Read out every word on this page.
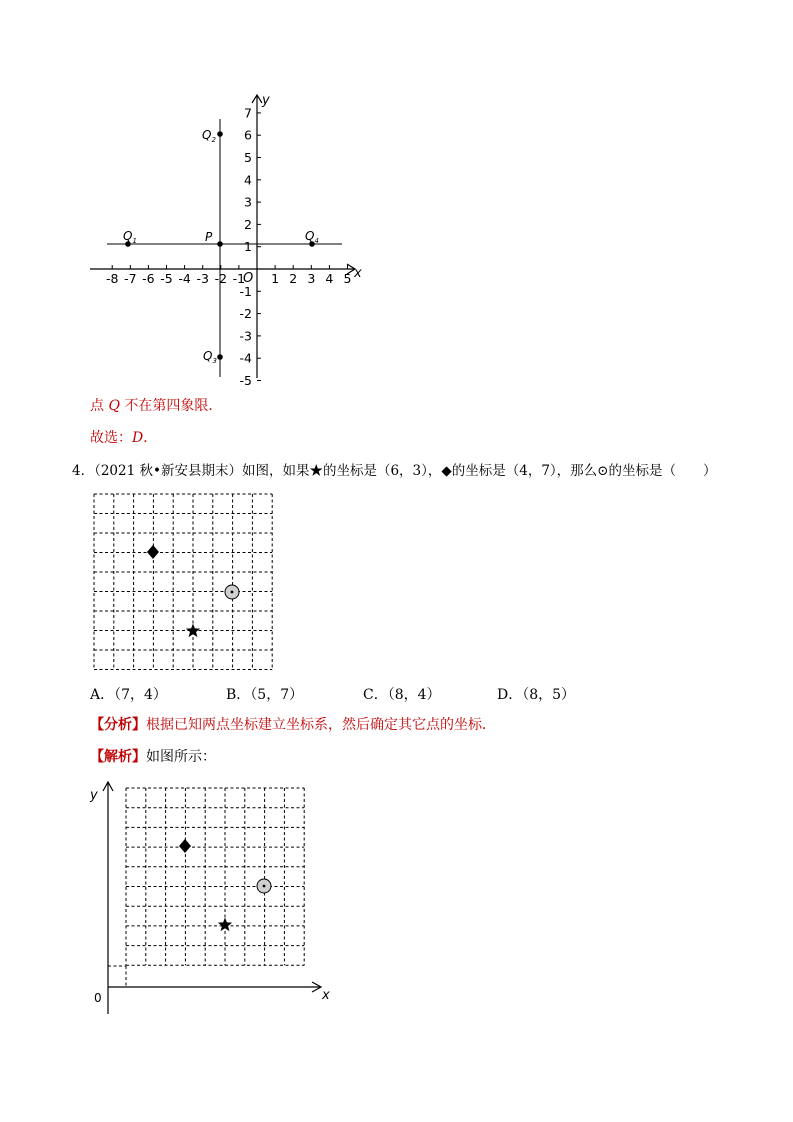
x
y
O
-8 -7 -6 -5 -4 -3 -2 -1 1 2 3 4 5
7
6
5
4
3
2
1
-1
-2
-3
-4
-5
$Q_2$
P
$Q_1$	$Q_4$
$Q_3$
点 Q 不在第四象限．
故选：D．
4．（2021 秋•新安县期末）如图，如果★的坐标是（6，3），◆的坐标是（4，7），那么⊙的坐标是（　　）
A．（7，4）	B．（5，7）	C．（8，4）	D．（8，5）
【分析】根据已知两点坐标建立坐标系，然后确定其它点的坐标．
【解析】如图所示：
y
x
0
